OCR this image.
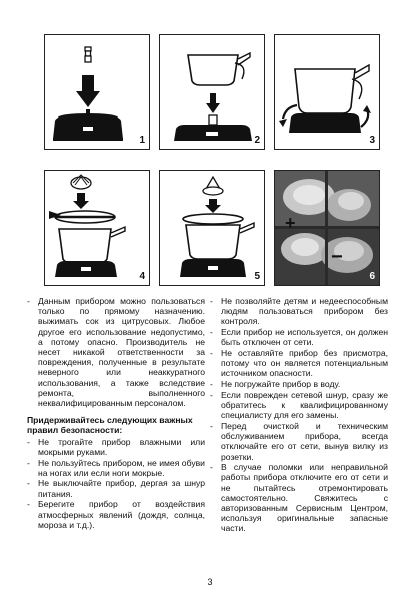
1	2	3
4	5
+
−
6

- Данным прибором можно пользоваться только по прямому назначению. выжимать сок из цитрусовых. Любое другое его использование недопустимо, а потому опасно. Производитель не несет никакой ответственности за повреждения, полученные в результате неверного или неаккуратного использования, а также вследствие ремонта, выполненного неквалифицированным персоналом.

Придерживайтесь следующих важных правил безопасности:

- Не трогайте прибор влажными или мокрыми руками.

- Не пользуйтесь прибором, не имея обуви на ногах или если ноги мокрые.

- Не выключайте прибор, дергая за шнур питания.

- Берегите прибор от воздействия атмосферных явлений (дождя, солнца, мороза и т.д.).

- Не позволяйте детям и недееспособным людям пользоваться прибором без контроля.

- Если прибор не используется, он должен быть отключен от сети.

- Не оставляйте прибор без присмотра, потому что он является потенциальным источником опасности.

- Не погружайте прибор в воду.

- Если поврежден сетевой шнур, сразу же обратитесь к квалифицированному специалисту для его замены.

- Перед очисткой и техническим обслуживанием прибора, всегда отключайте его от сети, вынув вилку из розетки.

- В случае поломки или неправильной работы прибора отключите его от сети и не пытайтесь отремонтировать самостоятельно. Свяжитесь с авторизованным Сервисным Центром, используя оригинальные запасные части.

3
